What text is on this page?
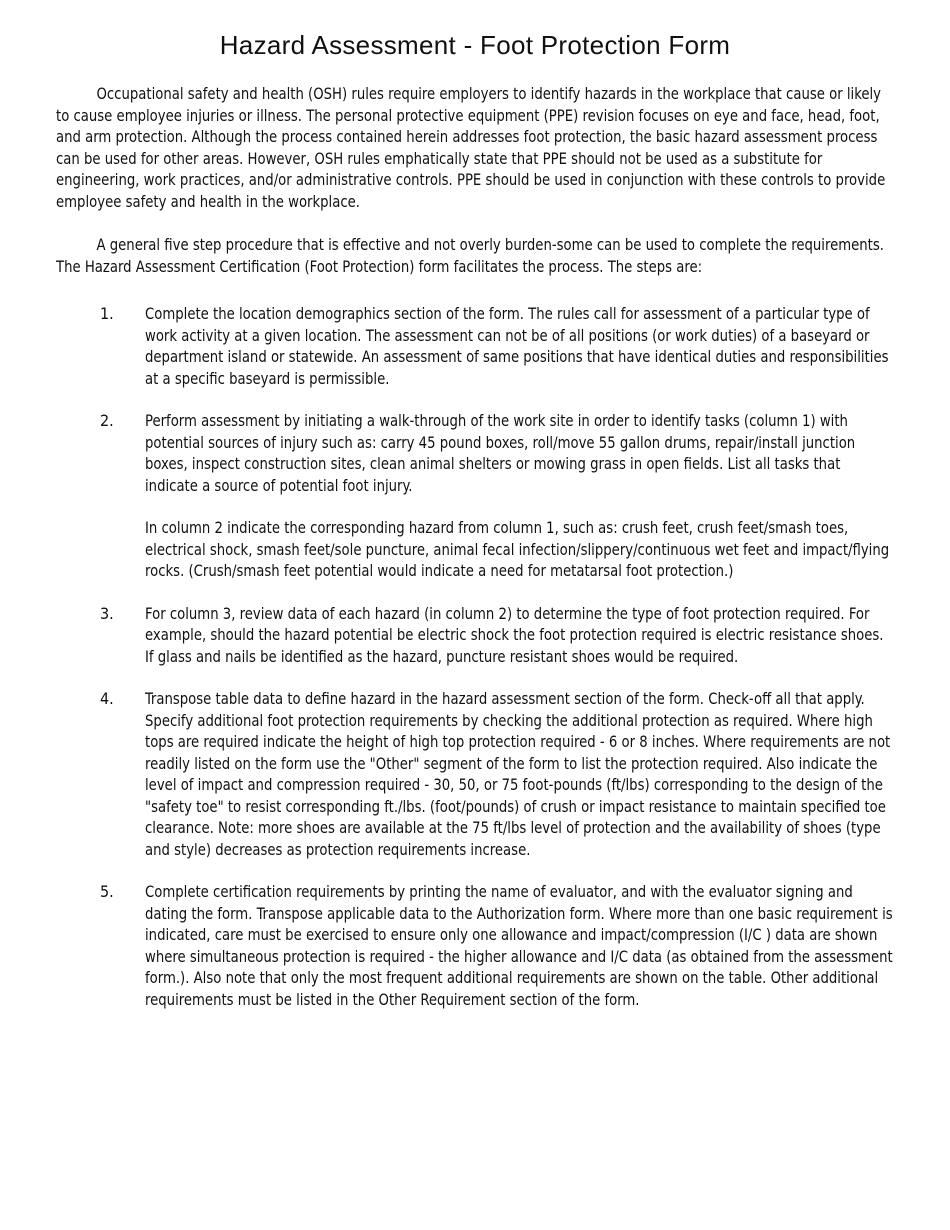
Hazard Assessment - Foot Protection Form

Occupational safety and health (OSH) rules require employers to identify hazards in the workplace that cause or likely to cause employee injuries or illness. The personal protective equipment (PPE) revision focuses on eye and face, head, foot, and arm protection. Although the process contained herein addresses foot protection, the basic hazard assessment process can be used for other areas. However, OSH rules emphatically state that PPE should not be used as a substitute for engineering, work practices, and/or administrative controls. PPE should be used in conjunction with these controls to provide employee safety and health in the workplace.

A general five step procedure that is effective and not overly burden-some can be used to complete the requirements. The Hazard Assessment Certification (Foot Protection) form facilitates the process. The steps are:

1. Complete the location demographics section of the form. The rules call for assessment of a particular type of work activity at a given location. The assessment can not be of all positions (or work duties) of a baseyard or department island or statewide. An assessment of same positions that have identical duties and responsibilities at a specific baseyard is permissible.

2. Perform assessment by initiating a walk-through of the work site in order to identify tasks (column 1) with potential sources of injury such as: carry 45 pound boxes, roll/move 55 gallon drums, repair/install junction boxes, inspect construction sites, clean animal shelters or mowing grass in open fields. List all tasks that indicate a source of potential foot injury.

In column 2 indicate the corresponding hazard from column 1, such as: crush feet, crush feet/smash toes, electrical shock, smash feet/sole puncture, animal fecal infection/slippery/continuous wet feet and impact/flying rocks. (Crush/smash feet potential would indicate a need for metatarsal foot protection.)

3. For column 3, review data of each hazard (in column 2) to determine the type of foot protection required. For example, should the hazard potential be electric shock the foot protection required is electric resistance shoes. If glass and nails be identified as the hazard, puncture resistant shoes would be required.

4. Transpose table data to define hazard in the hazard assessment section of the form. Check-off all that apply. Specify additional foot protection requirements by checking the additional protection as required. Where high tops are required indicate the height of high top protection required - 6 or 8 inches. Where requirements are not readily listed on the form use the "Other" segment of the form to list the protection required. Also indicate the level of impact and compression required - 30, 50, or 75 foot-pounds (ft/lbs) corresponding to the design of the "safety toe" to resist corresponding ft./lbs. (foot/pounds) of crush or impact resistance to maintain specified toe clearance. Note: more shoes are available at the 75 ft/lbs level of protection and the availability of shoes (type and style) decreases as protection requirements increase.

5. Complete certification requirements by printing the name of evaluator, and with the evaluator signing and dating the form. Transpose applicable data to the Authorization form. Where more than one basic requirement is indicated, care must be exercised to ensure only one allowance and impact/compression (I/C ) data are shown where simultaneous protection is required - the higher allowance and I/C data (as obtained from the assessment form.). Also note that only the most frequent additional requirements are shown on the table. Other additional requirements must be listed in the Other Requirement section of the form.
